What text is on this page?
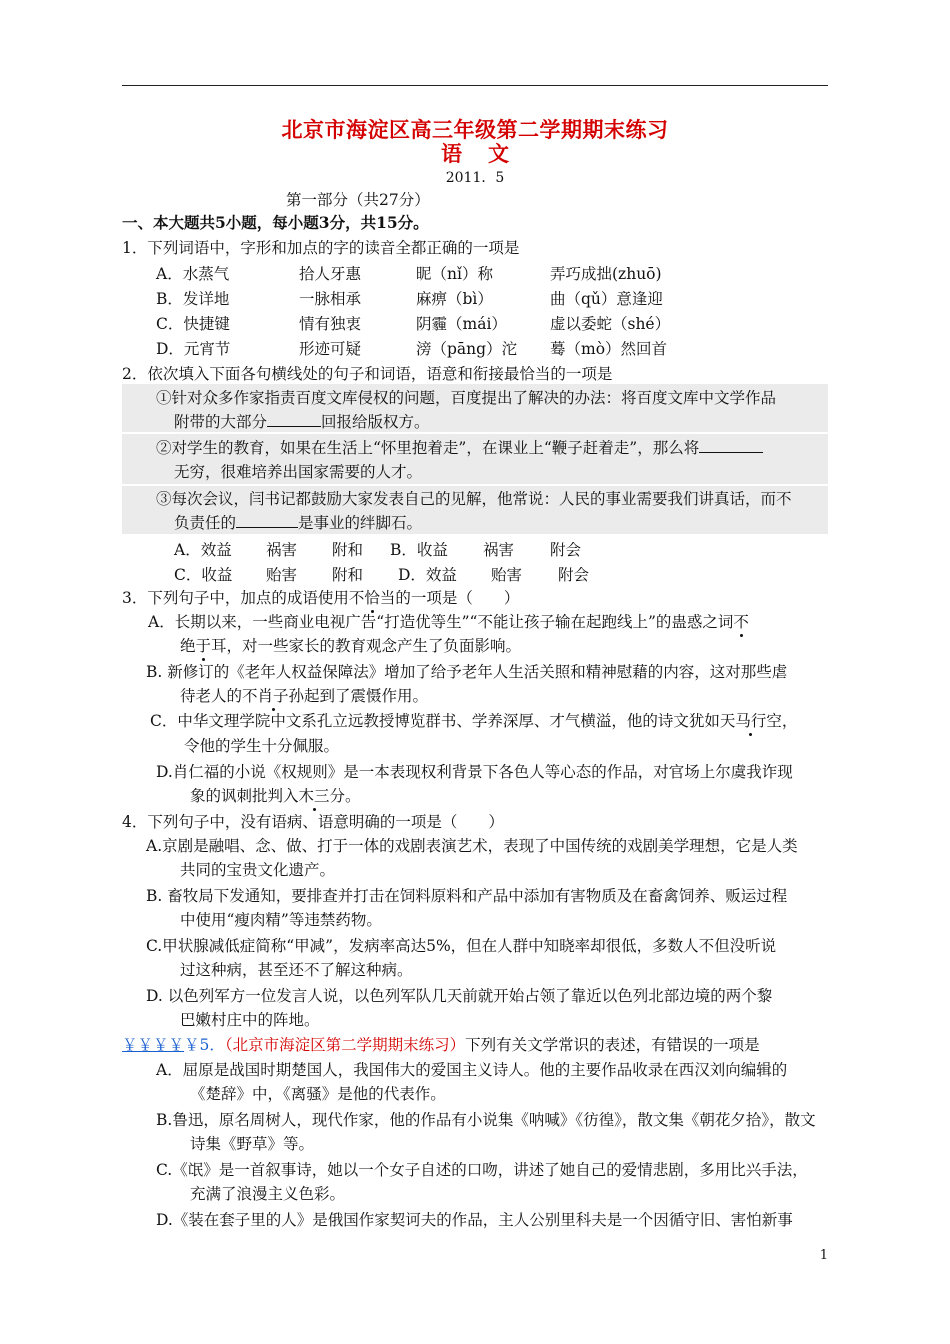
北京市海淀区高三年级第二学期期末练习
语文
2011．5
第一部分（共27分）
一、本大题共5小题，每小题3分，共15分。
1．下列词语中，字形和加点的字的读音全都正确的一项是
A．水蒸气	拾人牙惠	昵（nǐ）称	弄巧成拙(zhuō)
B．发详地	一脉相承	麻痹（bì）	曲（qǔ）意逢迎
C．快捷键	情有独衷	阴霾（mái）	虚以委蛇（shé）
D．元宵节	形迹可疑	滂（pāng）沱 蓦（mò）然回首
2．依次填入下面各句横线处的句子和词语，语意和衔接最恰当的一项是
①针对众多作家指责百度文库侵权的问题，百度提出了解决的办法：将百度文库中文学作品
附带的大部分	回报给版权方。
②对学生的教育，如果在生活上“怀里抱着走”，在课业上“鞭子赶着走”，那么将
无穷，很难培养出国家需要的人才。
③每次会议，闫书记都鼓励大家发表自己的见解，他常说：人民的事业需要我们讲真话，而不
负责任的	是事业的绊脚石。
A．效益 祸害 附和 B．收益 祸害 附会
C．收益 贻害 附和 D．效益 贻害 附会
3．下列句子中，加点的成语使用不恰当的一项是（　　）
A．长期以来，一些商业电视广告“打造优等生”“不能让孩子输在起跑线上”的蛊惑之词不
绝于耳，对一些家长的教育观念产生了负面影响。
B. 新修订的《老年人权益保障法》增加了给予老年人生活关照和精神慰藉的内容，这对那些虐
待老人的不肖子孙起到了震慑作用。
C．中华文理学院中文系孔立远教授博览群书、学养深厚、才气横溢，他的诗文犹如天马行空，
令他的学生十分佩服。
D.肖仁福的小说《权规则》是一本表现权利背景下各色人等心态的作品，对官场上尔虞我诈现
象的讽刺批判入木三分。
4．下列句子中，没有语病、语意明确的一项是（　　）
A.京剧是融唱、念、做、打于一体的戏剧表演艺术，表现了中国传统的戏剧美学理想，它是人类
共同的宝贵文化遗产。
B. 畜牧局下发通知，要排查并打击在饲料原料和产品中添加有害物质及在畜禽饲养、贩运过程
中使用“瘦肉精”等违禁药物。
C.甲状腺减低症简称“甲减”，发病率高达5%，但在人群中知晓率却很低，多数人不但没听说
过这种病，甚至还不了解这种病。
D. 以色列军方一位发言人说，以色列军队几天前就开始占领了靠近以色列北部边境的两个黎
巴嫩村庄中的阵地。
￥￥￥￥￥5．（北京市海淀区第二学期期末练习）下列有关文学常识的表述，有错误的一项是
A．屈原是战国时期楚国人，我国伟大的爱国主义诗人。他的主要作品收录在西汉刘向编辑的
《楚辞》中，《离骚》是他的代表作。
B.鲁迅，原名周树人，现代作家，他的作品有小说集《呐喊》《彷徨》，散文集《朝花夕拾》，散文
诗集《野草》等。
C.《氓》是一首叙事诗，她以一个女子自述的口吻，讲述了她自己的爱情悲剧，多用比兴手法，
充满了浪漫主义色彩。
D.《装在套子里的人》是俄国作家契诃夫的作品，主人公别里科夫是一个因循守旧、害怕新事
1
